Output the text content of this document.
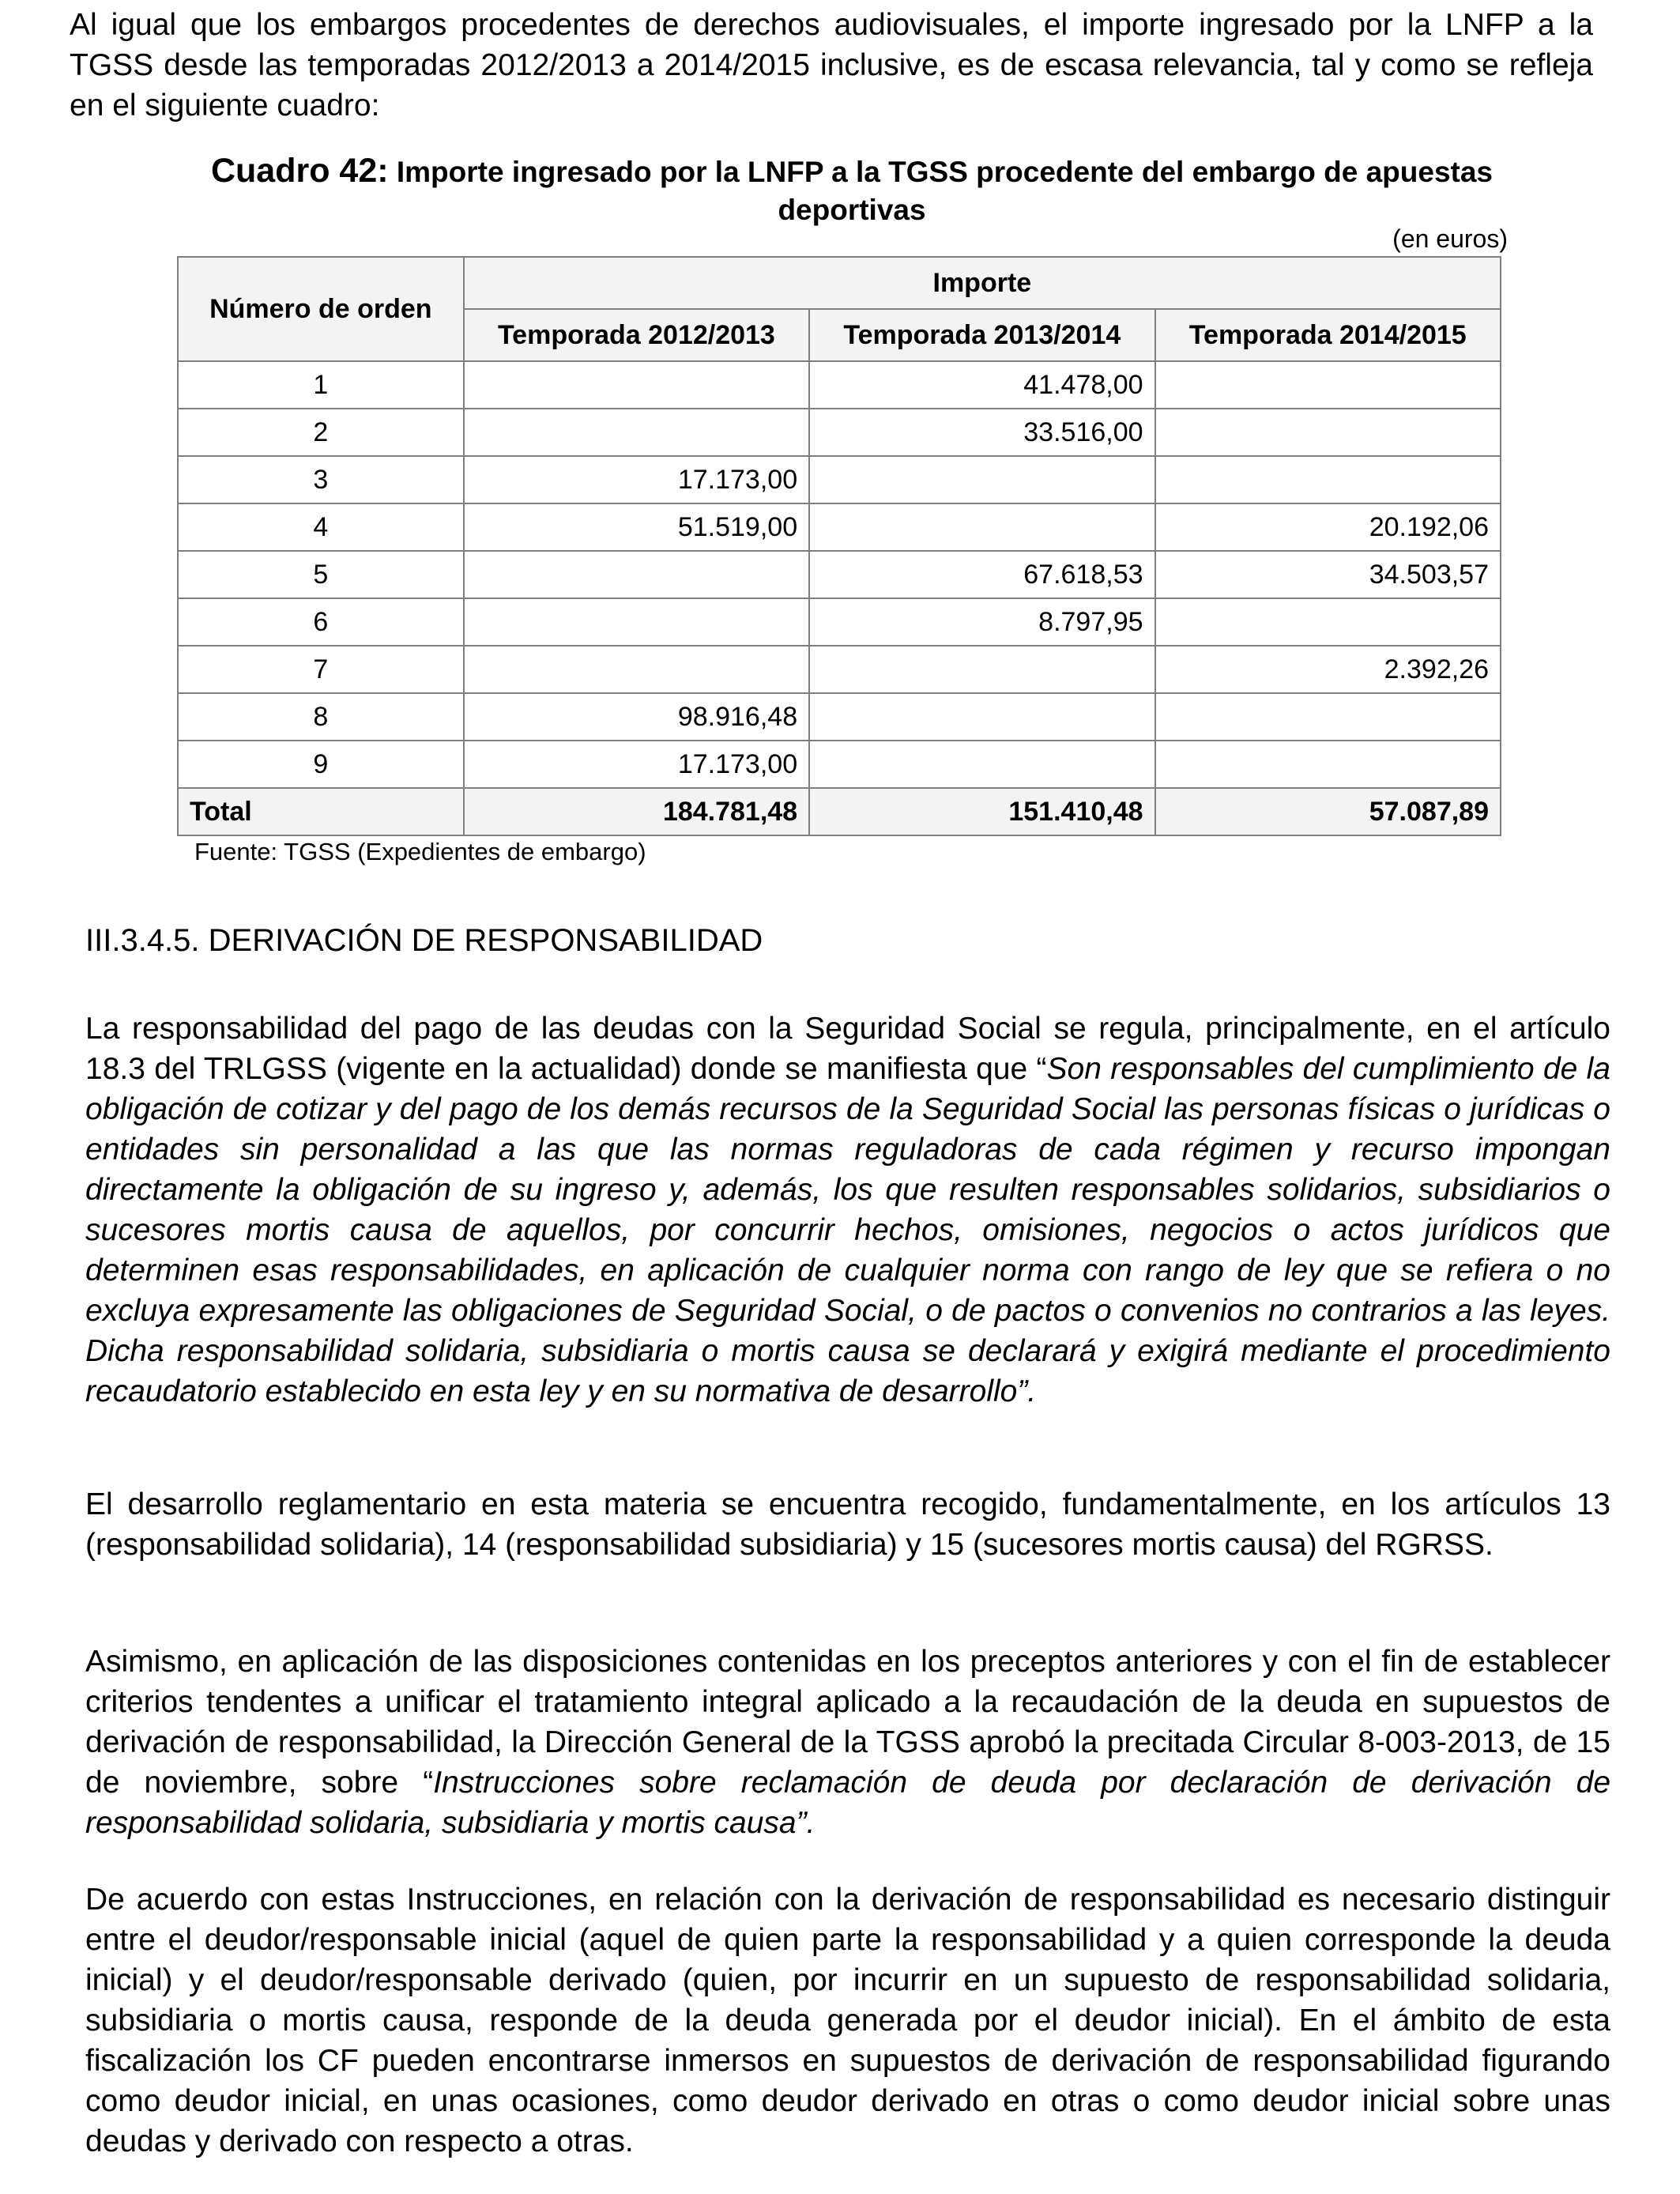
Al igual que los embargos procedentes de derechos audiovisuales, el importe ingresado por la LNFP a la TGSS desde las temporadas 2012/2013 a 2014/2015 inclusive, es de escasa relevancia, tal y como se refleja en el siguiente cuadro:

Cuadro 42: Importe ingresado por la LNFP a la TGSS procedente del embargo de apuestas deportivas

(en euros)
Número de orden	Importe		
	Temporada 2012/2013	Temporada 2013/2014	Temporada 2014/2015
1		41.478,00	
2		33.516,00	
3	17.173,00		
4	51.519,00		20.192,06
5		67.618,53	34.503,57
6		8.797,95	
7			2.392,26
8	98.916,48		
9	17.173,00		
Total	184.781,48	151.410,48	57.087,89
Fuente: TGSS (Expedientes de embargo)
III.3.4.5. DERIVACIÓN DE RESPONSABILIDAD

La responsabilidad del pago de las deudas con la Seguridad Social se regula, principalmente, en el artículo 18.3 del TRLGSS (vigente en la actualidad) donde se manifiesta que “Son responsables del cumplimiento de la obligación de cotizar y del pago de los demás recursos de la Seguridad Social las personas físicas o jurídicas o entidades sin personalidad a las que las normas reguladoras de cada régimen y recurso impongan directamente la obligación de su ingreso y, además, los que resulten responsables solidarios, subsidiarios o sucesores mortis causa de aquellos, por concurrir hechos, omisiones, negocios o actos jurídicos que determinen esas responsabilidades, en aplicación de cualquier norma con rango de ley que se refiera o no excluya expresamente las obligaciones de Seguridad Social, o de pactos o convenios no contrarios a las leyes. Dicha responsabilidad solidaria, subsidiaria o mortis causa se declarará y exigirá mediante el procedimiento recaudatorio establecido en esta ley y en su normativa de desarrollo”.

El desarrollo reglamentario en esta materia se encuentra recogido, fundamentalmente, en los artículos 13 (responsabilidad solidaria), 14 (responsabilidad subsidiaria) y 15 (sucesores mortis causa) del RGRSS.

Asimismo, en aplicación de las disposiciones contenidas en los preceptos anteriores y con el fin de establecer criterios tendentes a unificar el tratamiento integral aplicado a la recaudación de la deuda en supuestos de derivación de responsabilidad, la Dirección General de la TGSS aprobó la precitada Circular 8-003-2013, de 15 de noviembre, sobre “Instrucciones sobre reclamación de deuda por declaración de derivación de responsabilidad solidaria, subsidiaria y mortis causa”.

De acuerdo con estas Instrucciones, en relación con la derivación de responsabilidad es necesario distinguir entre el deudor/responsable inicial (aquel de quien parte la responsabilidad y a quien corresponde la deuda inicial) y el deudor/responsable derivado (quien, por incurrir en un supuesto de responsabilidad solidaria, subsidiaria o mortis causa, responde de la deuda generada por el deudor inicial). En el ámbito de esta fiscalización los CF pueden encontrarse inmersos en supuestos de derivación de responsabilidad figurando como deudor inicial, en unas ocasiones, como deudor derivado en otras o como deudor inicial sobre unas deudas y derivado con respecto a otras.
